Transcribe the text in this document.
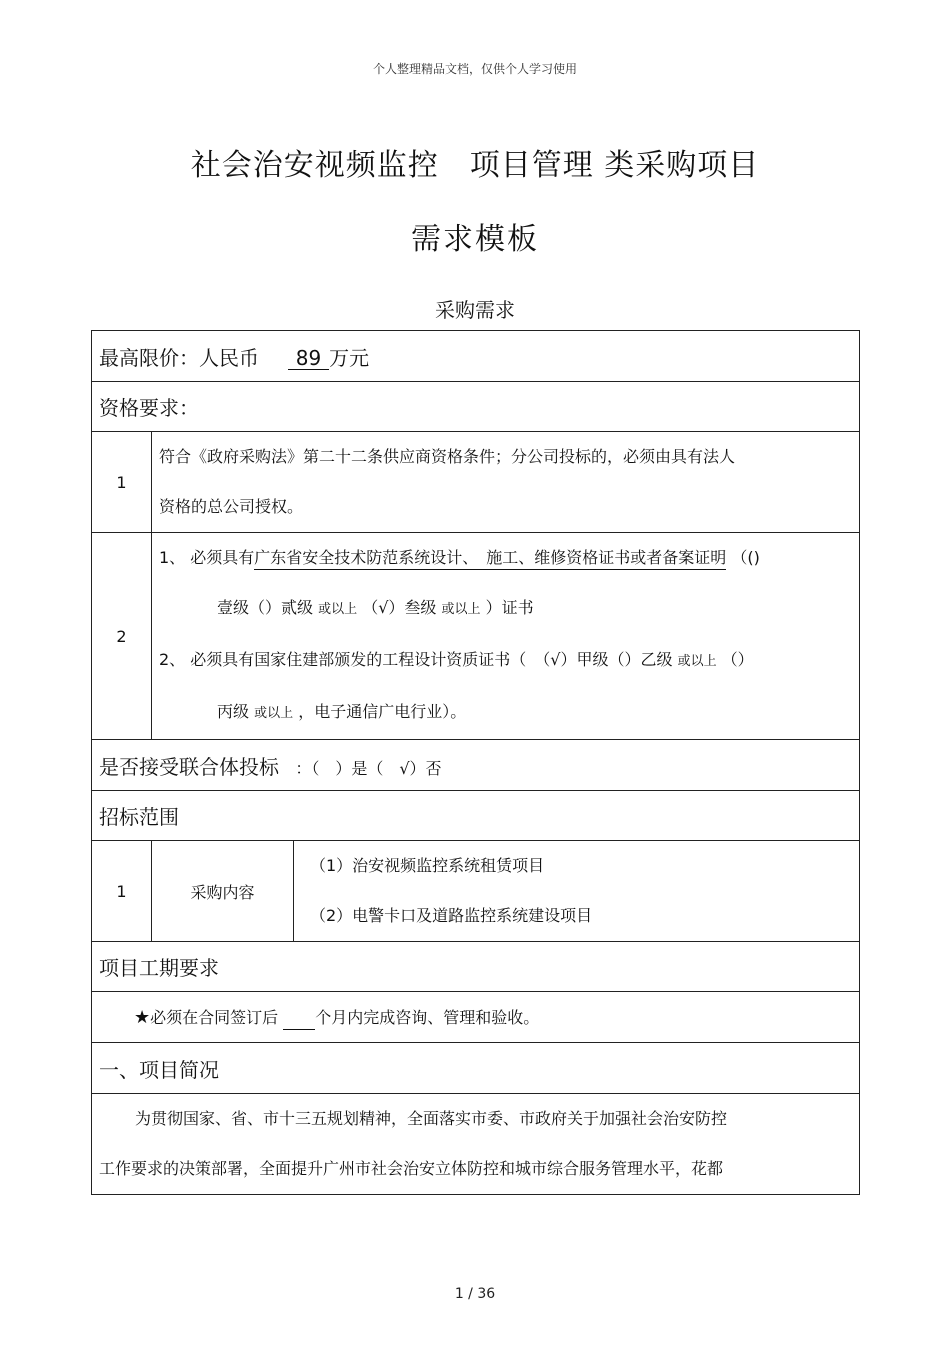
个人整理精品文档，仅供个人学习使用
社会治安视频监控　项目管理 类采购项目
需求模板
采购需求
最高限价：人民币 89 万元		
资格要求：		
1	符合《政府采购法》第二十二条供应商资格条件；分公司投标的，必须由具有法人
资格的总公司授权。	

2	1、 必须具有广东省安全技术防范系统设计、　施工、维修资格证书或者备案证明 （()
壹级（）贰级 或以上 （√）叁级 或以上 ）证书
2、 必须具有国家住建部颁发的工程设计资质证书（　（√）甲级（）乙级 或以上 （）
丙级 或以上 ，电子通信广电行业）。	

是否接受联合体投标 ：（　）是（　√）否		
招标范围		
1	采购内容	（1）治安视频监控系统租赁项目
（2）电警卡口及道路监控系统建设项目

项目工期要求		
★必须在合同签订后 　　 个月内完成咨询、管理和验收。		
一、项目简况		

为贯彻国家、省、市十三五规划精神，全面落实市委、市政府关于加强社会治安防控
工作要求的决策部署，全面提升广州市社会治安立体防控和城市综合服务管理水平，花都		
1 / 36
